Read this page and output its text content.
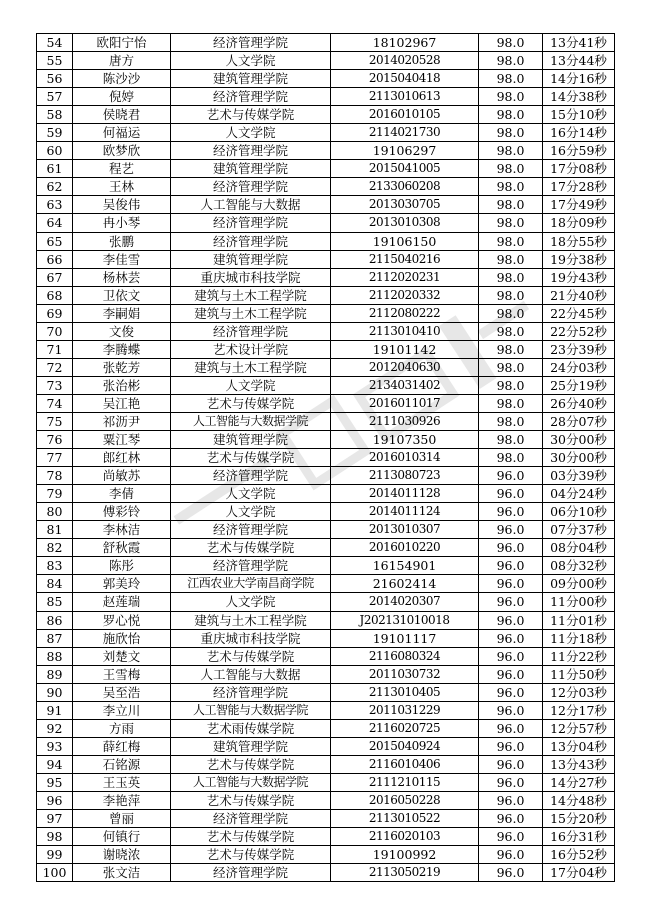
54	欧阳宁怡	经济管理学院	18102967	98.0	13分41秒
55	唐方	人文学院	2014020528	98.0	13分44秒
56	陈沙沙	建筑管理学院	2015040418	98.0	14分16秒
57	倪婷	经济管理学院	2113010613	98.0	14分38秒
58	侯晓君	艺术与传媒学院	2016010105	98.0	15分10秒
59	何福运	人文学院	2114021730	98.0	16分14秒
60	欧梦欣	经济管理学院	19106297	98.0	16分59秒
61	程艺	建筑管理学院	2015041005	98.0	17分08秒
62	王林	经济管理学院	2133060208	98.0	17分28秒
63	吴俊伟	人工智能与大数据	2013030705	98.0	17分49秒
64	冉小琴	经济管理学院	2013010308	98.0	18分09秒
65	张鹏	经济管理学院	19106150	98.0	18分55秒
66	李佳雪	建筑管理学院	2115040216	98.0	19分38秒
67	杨林芸	重庆城市科技学院	2112020231	98.0	19分43秒
68	卫依文	建筑与土木工程学院	2112020332	98.0	21分40秒
69	李嗣娟	建筑与土木工程学院	2112080222	98.0	22分45秒
70	文俊	经济管理学院	2113010410	98.0	22分52秒
71	李腾蝶	艺术设计学院	19101142	98.0	23分39秒
72	张乾芳	建筑与土木工程学院	2012040630	98.0	24分03秒
73	张治彬	人文学院	2134031402	98.0	25分19秒
74	吴江艳	艺术与传媒学院	2016011017	98.0	26分40秒
75	祁沥尹	人工智能与大数据学院	2111030926	98.0	28分07秒
76	粟江琴	建筑管理学院	19107350	98.0	30分00秒
77	郎红林	艺术与传媒学院	2016010314	98.0	30分00秒
78	尚敏苏	经济管理学院	2113080723	96.0	03分39秒
79	李倩	人文学院	2014011128	96.0	04分24秒
80	傅彩铃	人文学院	2014011124	96.0	06分10秒
81	李林洁	经济管理学院	2013010307	96.0	07分37秒
82	舒秋霞	艺术与传媒学院	2016010220	96.0	08分04秒
83	陈彤	经济管理学院	16154901	96.0	08分32秒
84	郭美玲	江西农业大学南昌商学院	21602414	96.0	09分00秒
85	赵莲瑞	人文学院	2014020307	96.0	11分00秒
86	罗心悦	建筑与土木工程学院	J202131010018	96.0	11分01秒
87	施欣怡	重庆城市科技学院	19101117	96.0	11分18秒
88	刘楚文	艺术与传媒学院	2116080324	96.0	11分22秒
89	王雪梅	人工智能与大数据	2011030732	96.0	11分50秒
90	吴至浩	经济管理学院	2113010405	96.0	12分03秒
91	李立川	人工智能与大数据学院	2011031229	96.0	12分17秒
92	方雨	艺术雨传媒学院	2116020725	96.0	12分57秒
93	薛红梅	建筑管理学院	2015040924	96.0	13分04秒
94	石铭源	艺术与传媒学院	2116010406	96.0	13分43秒
95	王玉英	人工智能与大数据学院	2111210115	96.0	14分27秒
96	李艳萍	艺术与传媒学院	2016050228	96.0	14分48秒
97	曾丽	经济管理学院	2113010522	96.0	15分20秒
98	何镇行	艺术与传媒学院	2116020103	96.0	16分31秒
99	谢晓浓	艺术与传媒学院	19100992	96.0	16分52秒
100	张文洁	经济管理学院	2113050219	96.0	17分04秒
